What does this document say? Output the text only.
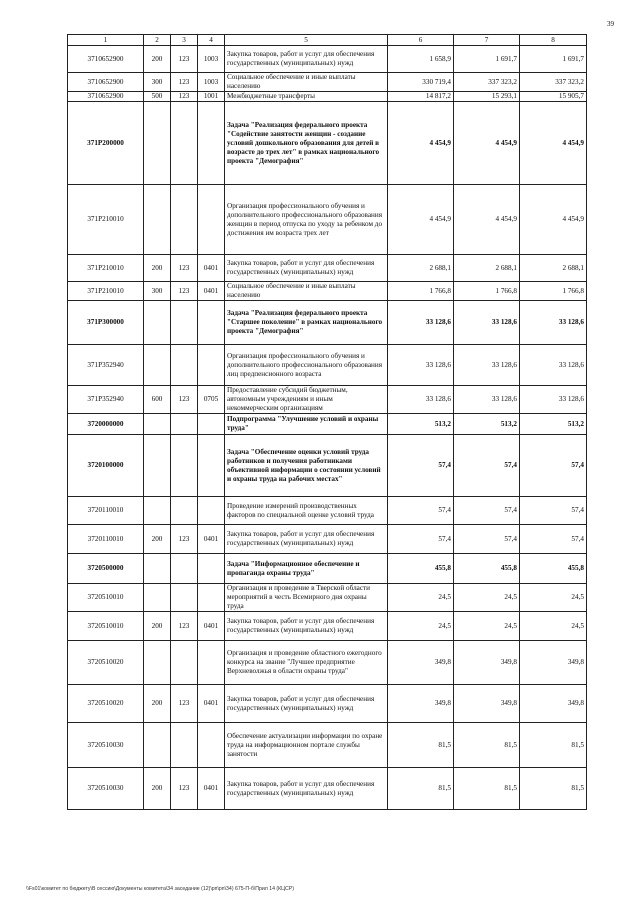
39
1	2	3	4	5	6	7	8
3710652900	200	123	1003	Закупка товаров, работ и услуг для обеспечения государственных (муниципальных) нужд	1 658,9	1 691,7	1 691,7
3710652900	300	123	1003	Социальное обеспечение и иные выплаты населению	330 719,4	337 323,2	337 323,2
3710652900	500	123	1001	Межбюджетные трансферты	14 817,2	15 293,1	15 905,7
371P200000				Задача "Реализация федерального проекта "Содействие занятости женщин - создание условий дошкольного образования для детей в возрасте до трех лет" в рамках национального проекта "Демография"	4 454,9	4 454,9	4 454,9
371P210010				Организация профессионального обучения и дополнительного профессионального образования женщин в период отпуска по уходу за ребенком до достижения им возраста трех лет	4 454,9	4 454,9	4 454,9
371P210010	200	123	0401	Закупка товаров, работ и услуг для обеспечения государственных (муниципальных) нужд	2 688,1	2 688,1	2 688,1
371P210010	300	123	0401	Социальное обеспечение и иные выплаты населению	1 766,8	1 766,8	1 766,8
371P300000				Задача "Реализация федерального проекта "Старшее поколение" в рамках национального проекта "Демография"	33 128,6	33 128,6	33 128,6
371P352940				Организация профессионального обучения и дополнительного профессионального образования лиц предпенсионного возраста	33 128,6	33 128,6	33 128,6
371P352940	600	123	0705	Предоставление субсидий бюджетным, автономным учреждениям и иным некоммерческим организациям	33 128,6	33 128,6	33 128,6
3720000000				Подпрограмма "Улучшение условий и охраны труда"	513,2	513,2	513,2
3720100000				Задача "Обеспечение оценки условий труда работников и получения работниками объективной информации о состоянии условий и охраны труда на рабочих местах"	57,4	57,4	57,4
3720110010				Проведение измерений производственных факторов по специальной оценке условий труда	57,4	57,4	57,4
3720110010	200	123	0401	Закупка товаров, работ и услуг для обеспечения государственных (муниципальных) нужд	57,4	57,4	57,4
3720500000				Задача "Информационное обеспечение и пропаганда охраны труда"	455,8	455,8	455,8
3720510010				Организация и проведение в Тверской области мероприятий в честь Всемирного дня охраны труда	24,5	24,5	24,5
3720510010	200	123	0401	Закупка товаров, работ и услуг для обеспечения государственных (муниципальных) нужд	24,5	24,5	24,5
3720510020				Организация и проведение областного ежегодного конкурса на звание "Лучшее предприятие Верхневолжья в области охраны труда"	349,8	349,8	349,8
3720510020	200	123	0401	Закупка товаров, работ и услуг для обеспечения государственных (муниципальных) нужд	349,8	349,8	349,8
3720510030				Обеспечение актуализации информации по охране труда на информационном портале службы занятости	81,5	81,5	81,5
3720510030	200	123	0401	Закупка товаров, работ и услуг для обеспечения государственных (муниципальных) нужд	81,5	81,5	81,5
\\Fs01\комитет по бюджету\В сессию\Документы комитета\34 заседание (12)\рп\рп\34) 675-П-б\Прил 14 (КЦСР)
